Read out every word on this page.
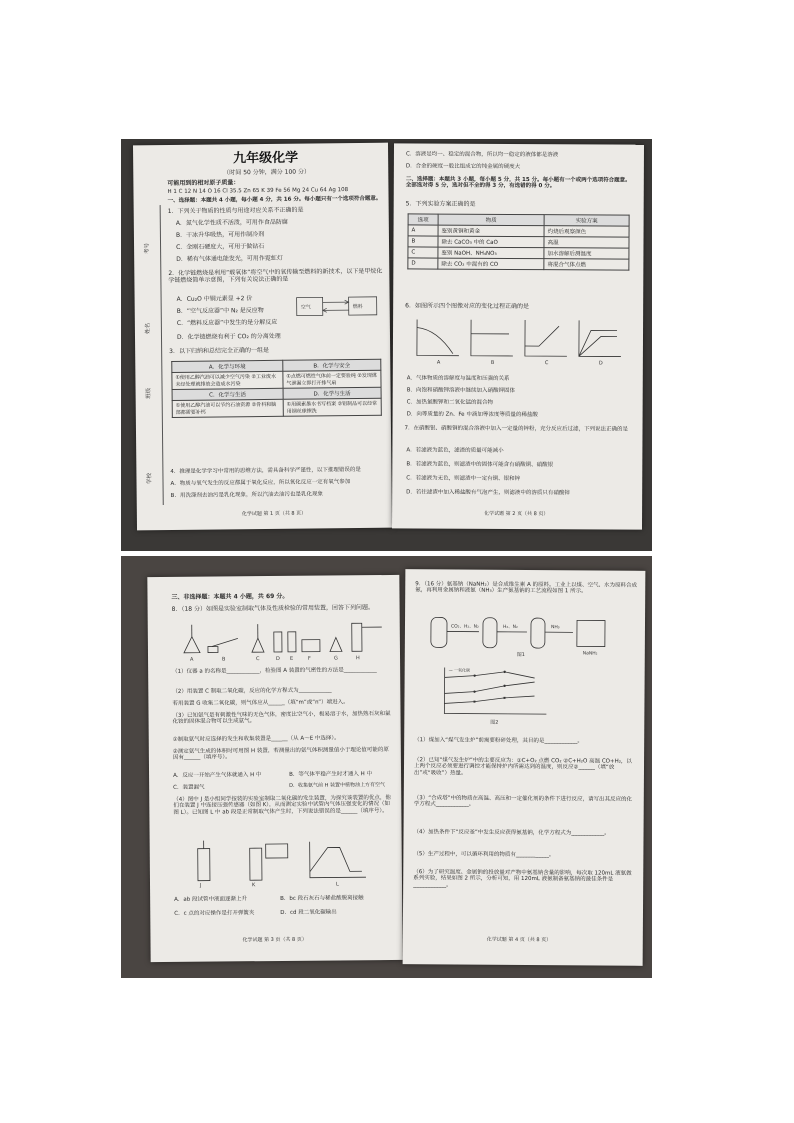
九年级化学
（时间 50 分钟，满分 100 分）
可能用到的相对原子质量：
H 1 C 12 N 14 O 16 Cl 35.5 Zn 65 K 39 Fe 56 Mg 24 Cu 64 Ag 108
一、选择题：本题共 4 小题，每小题 4 分，共 16 分。每小题只有一个选项符合题意。
1．下列关于物质的性质与用途对应关系不正确的是
A．氮气化学性质不活泼，可用作食品防腐
B．干冰升华吸热，可用作制冷剂
C．金刚石硬度大，可用于做钻石
D．稀有气体通电能发光，可用作霓虹灯
2．化学链燃烧是利用“载氧体”将空气中的氧传输至燃料的新技术，以下是甲烷化学链燃烧简单示意图，下列有关说法正确的是
空气	燃料
A．Cu₂O 中铜元素显 +2 价
B．“空气反应器”中 N₂ 是反应物
C．“燃料反应器”中发生的是分解反应
D．化学链燃烧有利于 CO₂ 的分离处理
3．以下归纳和总结完全正确的一组是
A．化学与环境	B．化学与安全
①使用乙醇汽油可以减少空气污染 ②工业废水未经处理就排放会造成水污染	①点燃可燃性气体前一定要验纯 ②发现煤气泄漏立即打开排气扇
C．化学与生活	D．化学与生活
①使用乙醇汽油可以节约石油资源 ②骨科和脑部都需要补钙	①用碳素墨水书写档案 ②铝制品可以经常用钢丝球擦洗
4．推理是化学学习中常用的思维方法，需具备科学严谨性，以下推理错误的是
A．物质与氧气发生的反应都属于氧化反应，所以氧化反应一定有氧气参加
B．用洗涤剂去油污是乳化现象，所以汽油去油污也是乳化现象
化学试题 第 1 页（共 8 页）
考号
姓名
班级
学校
C．溶液是均一、稳定的混合物，所以均一稳定的液体都是溶液
D．合金的硬度一般比组成它的纯金属的硬度大
二、选择题：本题共 3 小题，每小题 5 分，共 15 分。每小题有一个或两个选项符合题意。全部选对得 5 分，选对但不全的得 3 分，有选错的得 0 分。
5．下列实验方案正确的是
选项	物质	实验方案
A	鉴别黄铜和黄金	灼烧后观察颜色
B	除去 CaCO₃ 中的 CaO	高温
C	鉴别 NaOH、NH₄NO₃	加水溶解后测温度
D	除去 CO₂ 中混有的 CO	将混合气体点燃
6．如图所示四个图像对应的变化过程正确的是
A	B	C	D
A．气体物质的溶解度与温度和压强的关系
B．向饱和硝酸钾溶液中继续加入硝酸钾固体
C．加热氯酸钾和二氧化锰的混合物
D．向等质量的 Zn、Fe 中滴加等浓度等质量的稀盐酸
7．在硝酸银、硝酸铜的混合溶液中加入一定量的锌粉，充分反应后过滤，下列说法正确的是
A．若滤液为蓝色，滤渣的质量可能减小
B．若滤液为蓝色，则滤渣中的固体可能含有硝酸铜、硝酸银
C．若滤液为无色，则滤渣中一定有铜、银和锌
D．若往滤渣中加入稀盐酸有气泡产生，则滤液中的溶质只有硝酸锌
化学试题 第 2 页（共 8 页）
三、非选择题：本题共 4 小题，共 69 分。
8．（18 分）如图是实验室制取气体及性质检验的常用装置，回答下列问题。
A	B	C	D E	F	G	H
（1）仪器 a 的名称是____________，检验图 A 装置的气密性的方法是____________
（2）用装置 C 制取二氧化碳，反应的化学方程式为____________
若用装置 G 收集二氧化碳，则气体应从______（填“m”或“n”）端进入。
（3）已知氨气是有刺激性气味的无色气体，密度比空气小，极易溶于水，加热熟石灰和氯化铵的固体混合物可以生成氨气。
①制取氨气时应选择的发生和收集装置是______（从 A～E 中选择）。
②测定氨气生成的体积时可用图 H 装置，若测量出的氨气体积测量值小于理论值可能的原因有______（填序号）。
A．反应一开始产生气体就通入 H 中	B．等气体平稳产生时才通入 H 中
C．装置漏气	D．收集氨气前 H 装置中植物油上方有空气
（4）图中 J 是小组同学按装的实验室制取二氧化碳的发生装置，为探究该装置的优点，他们在装置 J 中连接压强传感器（如图 K），从而测定实验中试管内气体压强变化的情况（如图 L）。已知图 L 中 ab 段是正常制取气体产生时，下列说法错误的是______（填序号）。
J	K	L
A．ab 段试管中液面逐渐上升	B．bc 段石灰石与稀盐酸脱离接触
C．c 点的对应操作是打开弹簧夹	D．cd 段二氧化碳输出
化学试题 第 3 页（共 8 页）
9．（16 分）氨基钠（NaNH₂）是合成维生素 A 的原料。工业上以煤、空气、水为原料合成氨，再利用金属钠和液氨（NH₃）生产氨基钠的工艺流程如图 1 所示。
CO₂、H₂、N₂	H₂、N₂	NH₃
NaNH₂
图1
— 一氧化碳
图2
（1）煤加入“煤气发生炉”前需要粉碎处理，其目的是____________。
（2）已知“煤气发生炉”中的主要反应为：①C+O₂ 点燃 CO₂ ②C+H₂O 高温 CO+H₂，以上两个反应必须要进行调控才能保持炉内所需达到的温度，则反应②______（填“放出”或“吸收”）热量。
（3）“合成塔”中的物质在高温、高压和一定催化剂的条件下进行反应，请写出其反应的化学方程式____________。
（4）加热条件下“反应釜”中发生反应获得氨基钠，化学方程式为____________。
（5）生产过程中，可以循环利用的物质有____________。
（6）为了研究温度、金属钠的投放量对产物中氨基钠含量的影响，每次取 120mL 液氨做系列实验，结果如图 2 所示，分析可知，用 120mL 液氨制备氨基钠的最佳条件是____________。
化学试题 第 4 页（共 8 页）
